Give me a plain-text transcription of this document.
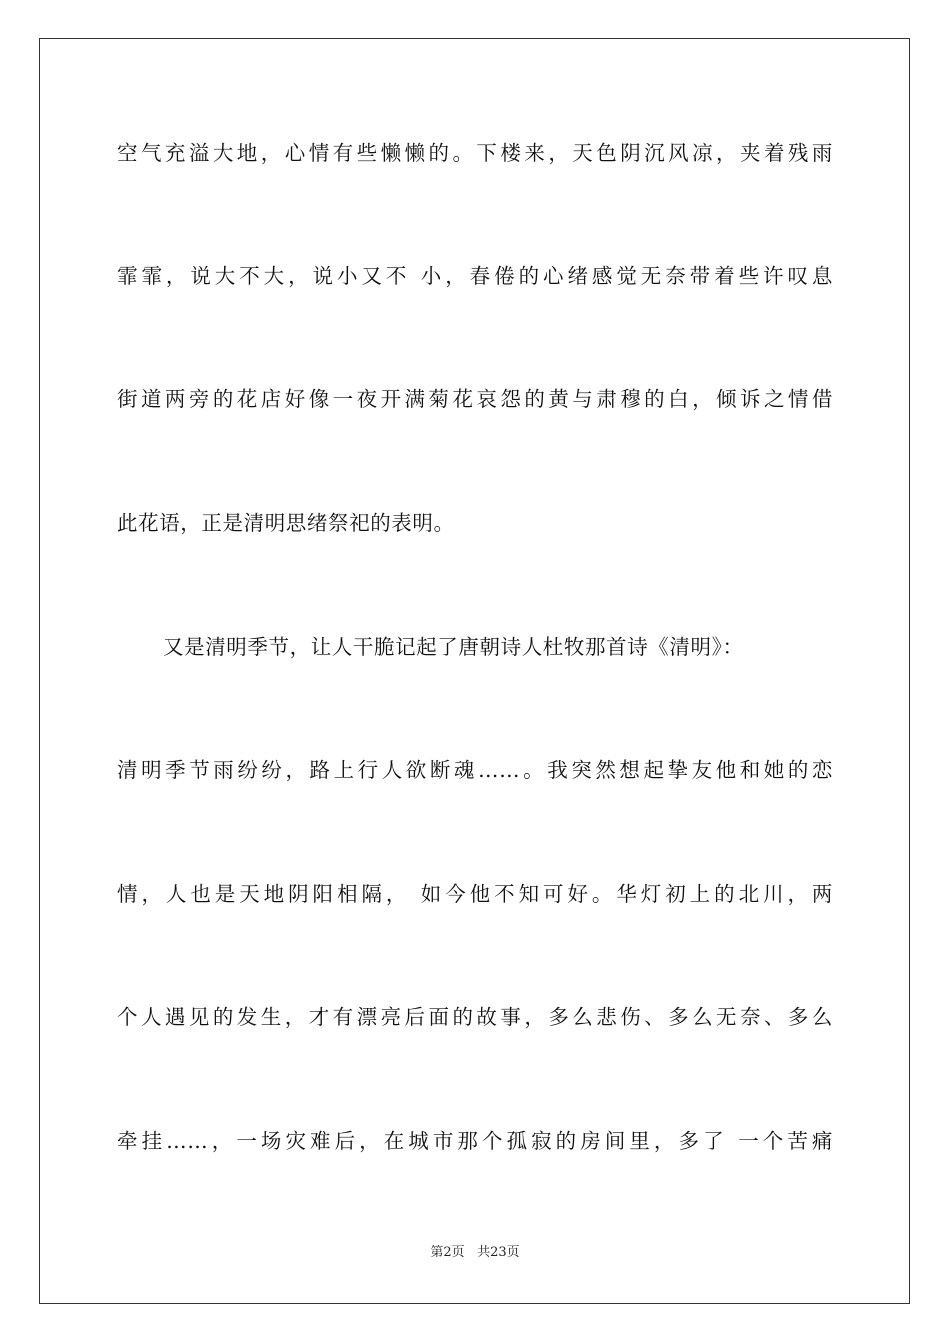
空气充溢大地，心情有些懒懒的。下楼来，天色阴沉风凉，夹着残雨
霏霏，说大不大，说小又不 小，春倦的心绪感觉无奈带着些许叹息
街道两旁的花店好像一夜开满菊花哀怨的黄与肃穆的白，倾诉之情借
此花语，正是清明思绪祭祀的表明。
又是清明季节，让人干脆记起了唐朝诗人杜牧那首诗《清明》：
清明季节雨纷纷，路上行人欲断魂……。我突然想起挚友他和她的恋
情，人也是天地阴阳相隔， 如今他不知可好。华灯初上的北川，两
个人遇见的发生，才有漂亮后面的故事，多么悲伤、多么无奈、多么
牵挂……，一场灾难后，在城市那个孤寂的房间里，多了 一个苦痛
第2页 共23页
